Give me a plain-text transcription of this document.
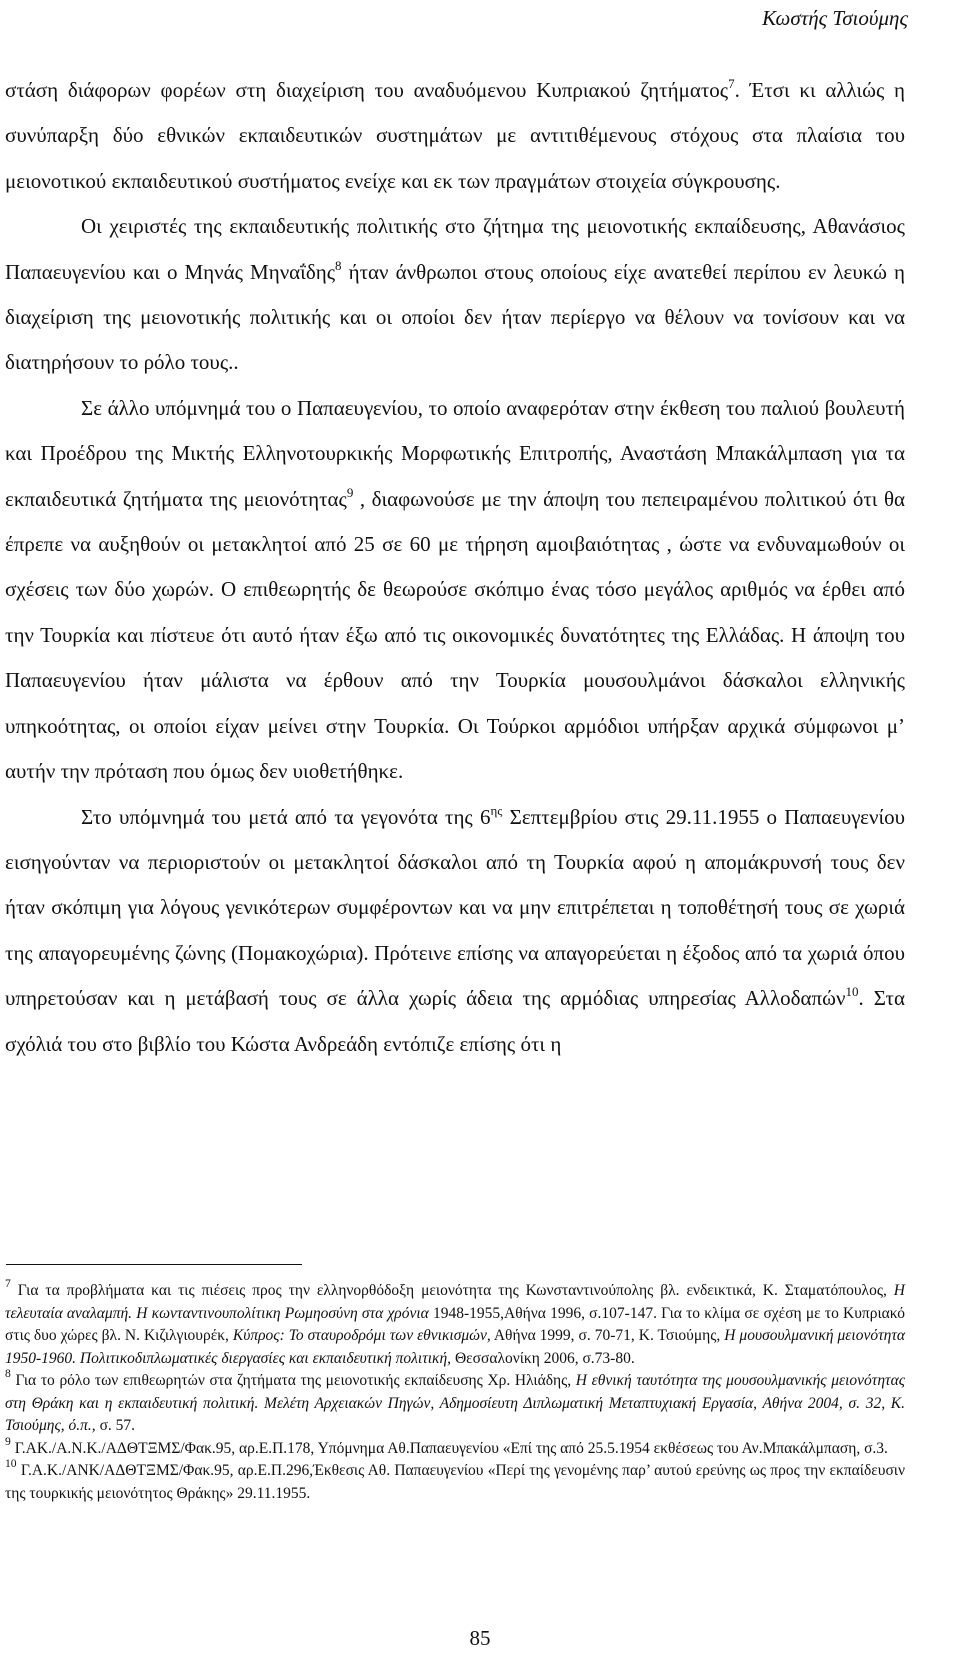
Κωστής Τσιούμης

στάση διάφορων φορέων στη διαχείριση του αναδυόμενου Κυπριακού ζητήματος$^7$. Έτσι κι αλλιώς η συνύπαρξη δύο εθνικών εκπαιδευτικών συστημάτων με αντιτιθέμενους στόχους στα πλαίσια του μειονοτικού εκπαιδευτικού συστήματος ενείχε και εκ των πραγμάτων στοιχεία σύγκρουσης.

Οι χειριστές της εκπαιδευτικής πολιτικής στο ζήτημα της μειονοτικής εκπαίδευσης, Αθανάσιος Παπαευγενίου και ο Μηνάς Μηναΐδης$^8$ ήταν άνθρωποι στους οποίους είχε ανατεθεί περίπου εν λευκώ η διαχείριση της μειονοτικής πολιτικής και οι οποίοι δεν ήταν περίεργο να θέλουν να τονίσουν και να διατηρήσουν το ρόλο τους..

Σε άλλο υπόμνημά του ο Παπαευγενίου, το οποίο αναφερόταν στην έκθεση του παλιού βουλευτή και Προέδρου της Μικτής Ελληνοτουρκικής Μορφωτικής Επιτροπής, Αναστάση Μπακάλμπαση για τα εκπαιδευτικά ζητήματα της μειονότητας$^9$ , διαφωνούσε με την άποψη του πεπειραμένου πολιτικού ότι θα έπρεπε να αυξηθούν οι μετακλητοί από 25 σε 60 με τήρηση αμοιβαιότητας , ώστε να ενδυναμωθούν οι σχέσεις των δύο χωρών. Ο επιθεωρητής δε θεωρούσε σκόπιμο ένας τόσο μεγάλος αριθμός να έρθει από την Τουρκία και πίστευε ότι αυτό ήταν έξω από τις οικονομικές δυνατότητες της Ελλάδας. Η άποψη του Παπαευγενίου ήταν μάλιστα να έρθουν από την Τουρκία μουσουλμάνοι δάσκαλοι ελληνικής υπηκοότητας, οι οποίοι είχαν μείνει στην Τουρκία. Οι Τούρκοι αρμόδιοι υπήρξαν αρχικά σύμφωνοι μ’ αυτήν την πρόταση που όμως δεν υιοθετήθηκε.

Στο υπόμνημά του μετά από τα γεγονότα της $6^{\eta\varsigma}$ Σεπτεμβρίου στις 29.11.1955 ο Παπαευγενίου εισηγούνταν να περιοριστούν οι μετακλητοί δάσκαλοι από τη Τουρκία αφού η απομάκρυνσή τους δεν ήταν σκόπιμη για λόγους γενικότερων συμφέροντων και να μην επιτρέπεται η τοποθέτησή τους σε χωριά της απαγορευμένης ζώνης (Πομακοχώρια). Πρότεινε επίσης να απαγορεύεται η έξοδος από τα χωριά όπου υπηρετούσαν και η μετάβασή τους σε άλλα χωρίς άδεια της αρμόδιας υπηρεσίας Αλλοδαπών$^{10}$. Στα σχόλιά του στο βιβλίο του Κώστα Ανδρεάδη εντόπιζε επίσης ότι η

$^7$ Για τα προβλήματα και τις πιέσεις προς την ελληνορθόδοξη μειονότητα της Κωνσταντινούπολης βλ. ενδεικτικά, Κ. Σταματόπουλος, Η τελευταία αναλαμπή. Η κωνταντινουπολίτικη Ρωμηοσύνη στα χρόνια 1948-1955,Αθήνα 1996, σ.107-147. Για το κλίμα σε σχέση με το Κυπριακό στις δυο χώρες βλ. Ν. Κιζιλγιουρέκ, Κύπρος: Το σταυροδρόμι των εθνικισμών, Αθήνα 1999, σ. 70-71, Κ. Τσιούμης, Η μουσουλμανική μειονότητα 1950-1960. Πολιτικοδιπλωματικές διεργασίες και εκπαιδευτική πολιτική, Θεσσαλονίκη 2006, σ.73-80.

$^8$ Για το ρόλο των επιθεωρητών στα ζητήματα της μειονοτικής εκπαίδευσης Χρ. Ηλιάδης, Η εθνική ταυτότητα της μουσουλμανικής μειονότητας στη Θράκη και η εκπαιδευτική πολιτική. Μελέτη Αρχειακών Πηγών, Αδημοσίευτη Διπλωματική Μεταπτυχιακή Εργασία, Αθήνα 2004, σ. 32, Κ. Τσιούμης, ό.π., σ. 57.

$^9$ Γ.ΑΚ./Α.Ν.Κ./ΑΔΘΤΞΜΣ/Φακ.95, αρ.Ε.Π.178, Υπόμνημα Αθ.Παπαευγενίου «Επί της από 25.5.1954 εκθέσεως του Αν.Μπακάλμπαση, σ.3.

$^{10}$ Γ.Α.Κ./ΑΝΚ/ΑΔΘΤΞΜΣ/Φακ.95, αρ.Ε.Π.296,Έκθεσις Αθ. Παπαευγενίου «Περί της γενομένης παρ’ αυτού ερεύνης ως προς την εκπαίδευσιν της τουρκικής μειονότητος Θράκης» 29.11.1955.

85
